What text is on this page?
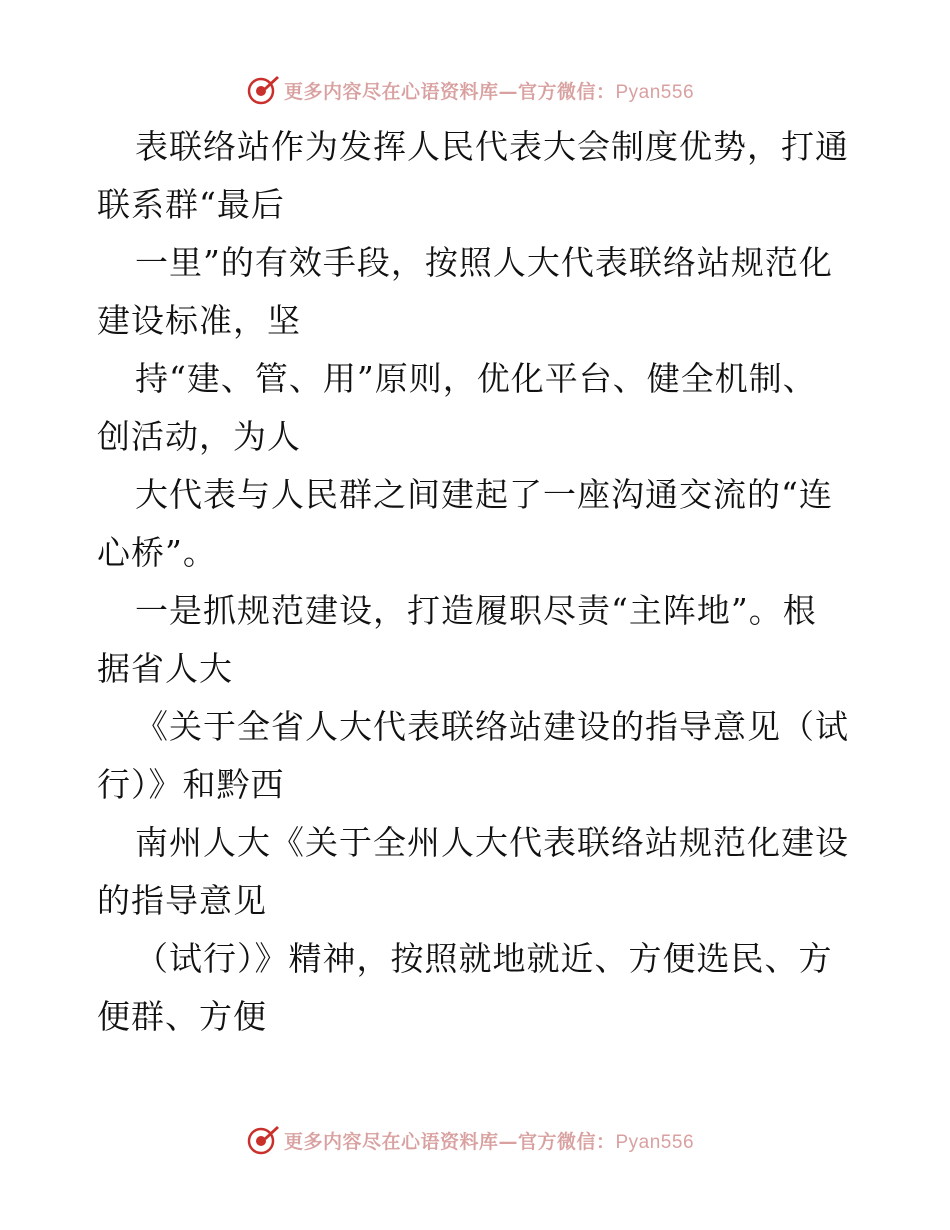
更多内容尽在心语资料库—官方微信：Pyan556

表联络站作为发挥人民代表大会制度优势，打通
联系群“最后

一里”的有效手段，按照人大代表联络站规范化
建设标准，坚

持“建、管、用”原则，优化平台、健全机制、
创活动，为人

大代表与人民群之间建起了一座沟通交流的“连
心桥”。

一是抓规范建设，打造履职尽责“主阵地”。根
据省人大

《关于全省人大代表联络站建设的指导意见（试
行）》和黔西

南州人大《关于全州人大代表联络站规范化建设
的指导意见

（试行）》精神，按照就地就近、方便选民、方
便群、方便

更多内容尽在心语资料库—官方微信：Pyan556
